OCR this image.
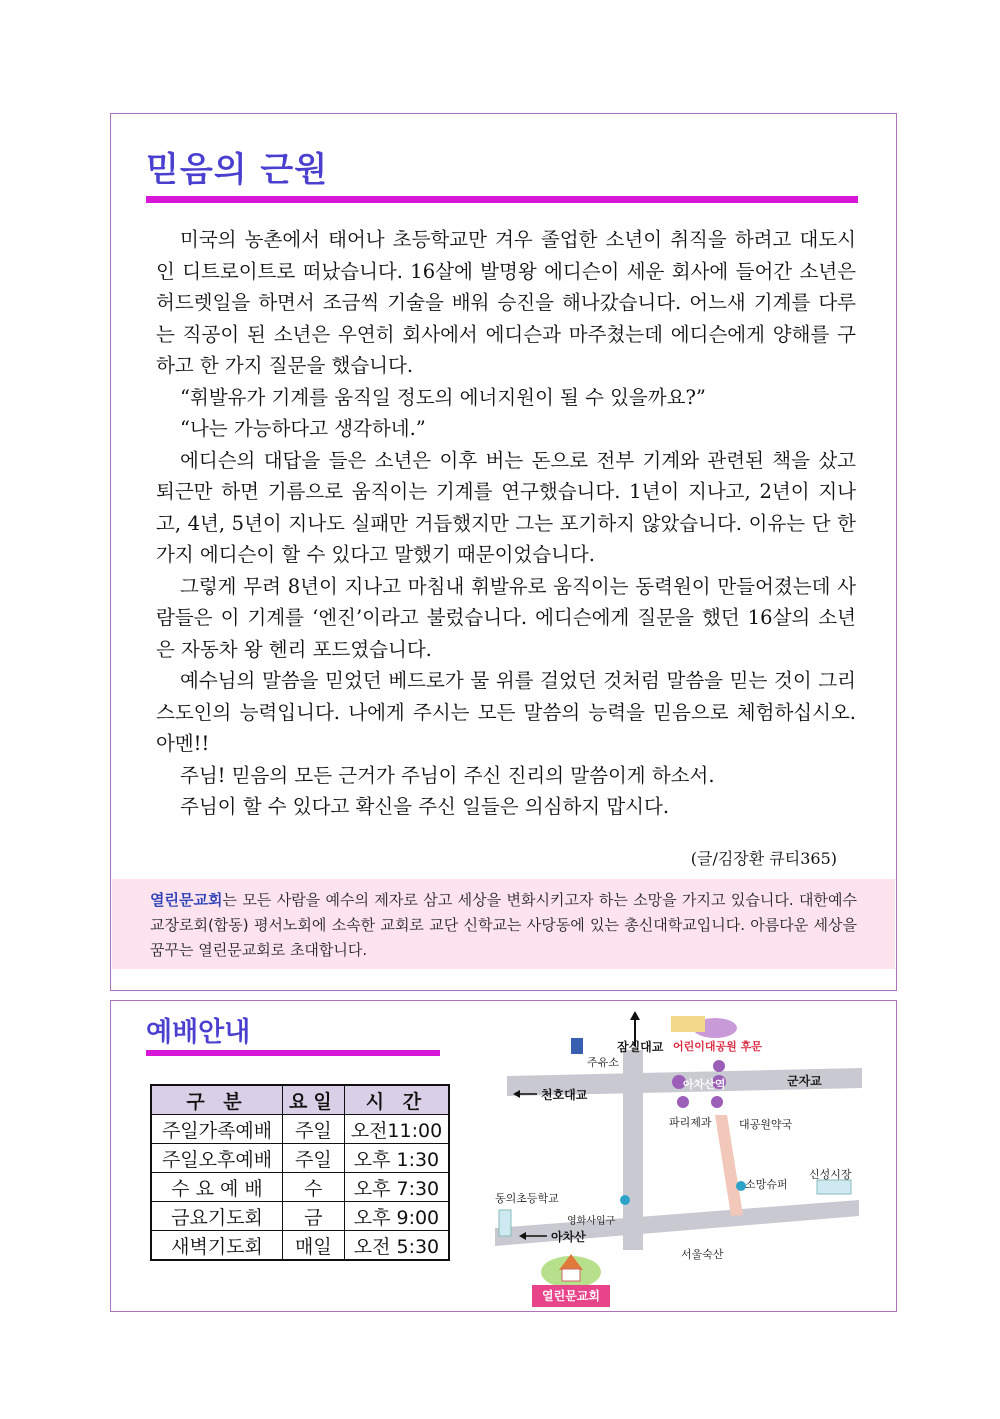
믿음의 근원

미국의 농촌에서 태어나 초등학교만 겨우 졸업한 소년이 취직을 하려고 대도시인 디트로이트로 떠났습니다. 16살에 발명왕 에디슨이 세운 회사에 들어간 소년은 허드렛일을 하면서 조금씩 기술을 배워 승진을 해나갔습니다. 어느새 기계를 다루는 직공이 된 소년은 우연히 회사에서 에디슨과 마주쳤는데 에디슨에게 양해를 구하고 한 가지 질문을 했습니다.

“휘발유가 기계를 움직일 정도의 에너지원이 될 수 있을까요?”

“나는 가능하다고 생각하네.”

에디슨의 대답을 들은 소년은 이후 버는 돈으로 전부 기계와 관련된 책을 샀고 퇴근만 하면 기름으로 움직이는 기계를 연구했습니다. 1년이 지나고, 2년이 지나고, 4년, 5년이 지나도 실패만 거듭했지만 그는 포기하지 않았습니다. 이유는 단 한 가지 에디슨이 할 수 있다고 말했기 때문이었습니다.

그렇게 무려 8년이 지나고 마침내 휘발유로 움직이는 동력원이 만들어졌는데 사람들은 이 기계를 ‘엔진’이라고 불렀습니다. 에디슨에게 질문을 했던 16살의 소년은 자동차 왕 헨리 포드였습니다.

예수님의 말씀을 믿었던 베드로가 물 위를 걸었던 것처럼 말씀을 믿는 것이 그리스도인의 능력입니다. 나에게 주시는 모든 말씀의 능력을 믿음으로 체험하십시오. 아멘!!

주님! 믿음의 모든 근거가 주님이 주신 진리의 말씀이게 하소서.

주님이 할 수 있다고 확신을 주신 일들은 의심하지 맙시다.

(글/김장환 큐티365)

열린문교회는 모든 사람을 예수의 제자로 삼고 세상을 변화시키고자 하는 소망을 가지고 있습니다. 대한예수교장로회(합동) 평서노회에 소속한 교회로 교단 신학교는 사당동에 있는 총신대학교입니다. 아름다운 세상을 꿈꾸는 열린문교회로 초대합니다.
예배안내
구 분	요일	시 간
주일가족예배	주일	오전11:00
주일오후예배	주일	오후 1:30
수 요 예 배	수	오후 7:30
금요기도회	금	오후 9:00
새벽기도회	매일	오전 5:30
잠실대교 어린이대공원 후문
주유소
천호대교
아차산역	군자교
파리제과 대공원약국
소망슈퍼
신성시장
동의초등학교
영화사입구
아차산
서울숙산
열린문교회
